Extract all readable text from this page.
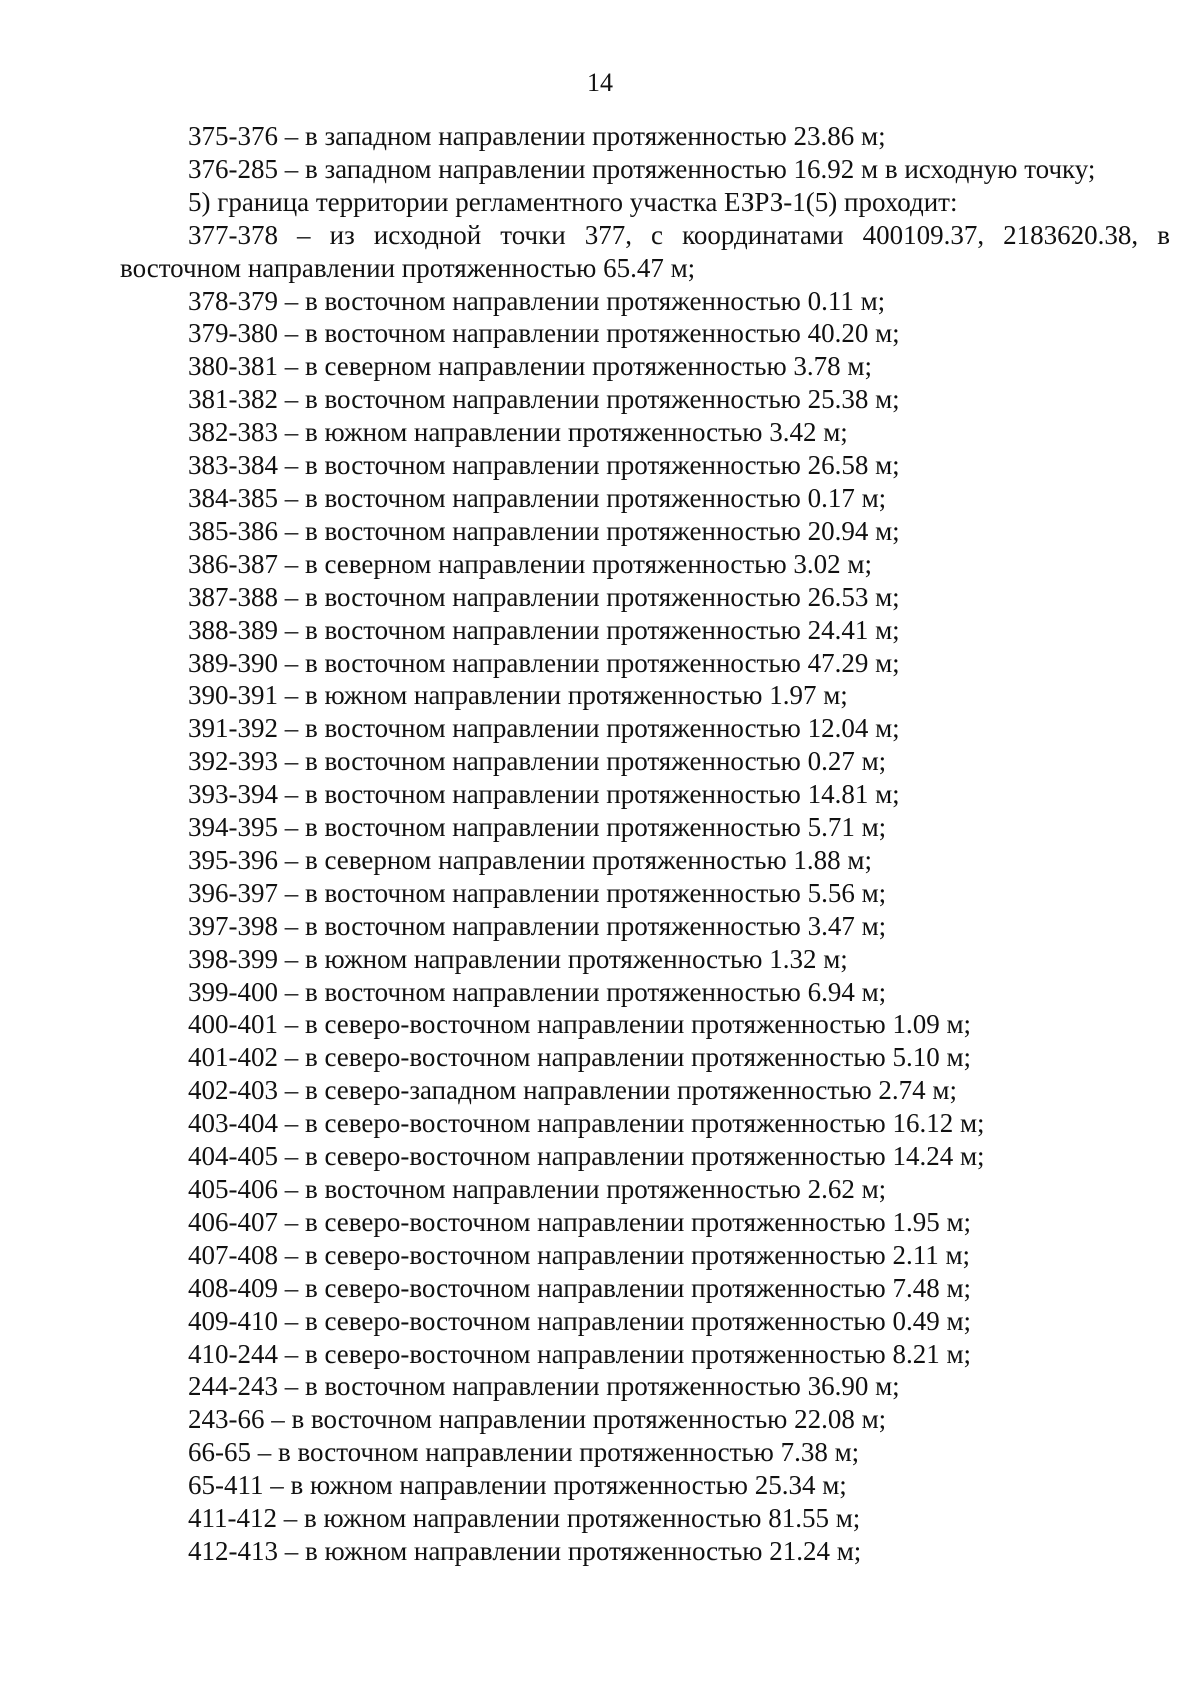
14
375-376 – в западном направлении протяженностью 23.86 м;
376-285 – в западном направлении протяженностью 16.92 м в исходную точку;
5) граница территории регламентного участка ЕЗРЗ-1(5) проходит:
377-378 – из исходной точки 377, с координатами 400109.37, 2183620.38, в восточном направлении протяженностью 65.47 м;
378-379 – в восточном направлении протяженностью 0.11 м;
379-380 – в восточном направлении протяженностью 40.20 м;
380-381 – в северном направлении протяженностью 3.78 м;
381-382 – в восточном направлении протяженностью 25.38 м;
382-383 – в южном направлении протяженностью 3.42 м;
383-384 – в восточном направлении протяженностью 26.58 м;
384-385 – в восточном направлении протяженностью 0.17 м;
385-386 – в восточном направлении протяженностью 20.94 м;
386-387 – в северном направлении протяженностью 3.02 м;
387-388 – в восточном направлении протяженностью 26.53 м;
388-389 – в восточном направлении протяженностью 24.41 м;
389-390 – в восточном направлении протяженностью 47.29 м;
390-391 – в южном направлении протяженностью 1.97 м;
391-392 – в восточном направлении протяженностью 12.04 м;
392-393 – в восточном направлении протяженностью 0.27 м;
393-394 – в восточном направлении протяженностью 14.81 м;
394-395 – в восточном направлении протяженностью 5.71 м;
395-396 – в северном направлении протяженностью 1.88 м;
396-397 – в восточном направлении протяженностью 5.56 м;
397-398 – в восточном направлении протяженностью 3.47 м;
398-399 – в южном направлении протяженностью 1.32 м;
399-400 – в восточном направлении протяженностью 6.94 м;
400-401 – в северо-восточном направлении протяженностью 1.09 м;
401-402 – в северо-восточном направлении протяженностью 5.10 м;
402-403 – в северо-западном направлении протяженностью 2.74 м;
403-404 – в северо-восточном направлении протяженностью 16.12 м;
404-405 – в северо-восточном направлении протяженностью 14.24 м;
405-406 – в восточном направлении протяженностью 2.62 м;
406-407 – в северо-восточном направлении протяженностью 1.95 м;
407-408 – в северо-восточном направлении протяженностью 2.11 м;
408-409 – в северо-восточном направлении протяженностью 7.48 м;
409-410 – в северо-восточном направлении протяженностью 0.49 м;
410-244 – в северо-восточном направлении протяженностью 8.21 м;
244-243 – в восточном направлении протяженностью 36.90 м;
243-66 – в восточном направлении протяженностью 22.08 м;
66-65 – в восточном направлении протяженностью 7.38 м;
65-411 – в южном направлении протяженностью 25.34 м;
411-412 – в южном направлении протяженностью 81.55 м;
412-413 – в южном направлении протяженностью 21.24 м;
